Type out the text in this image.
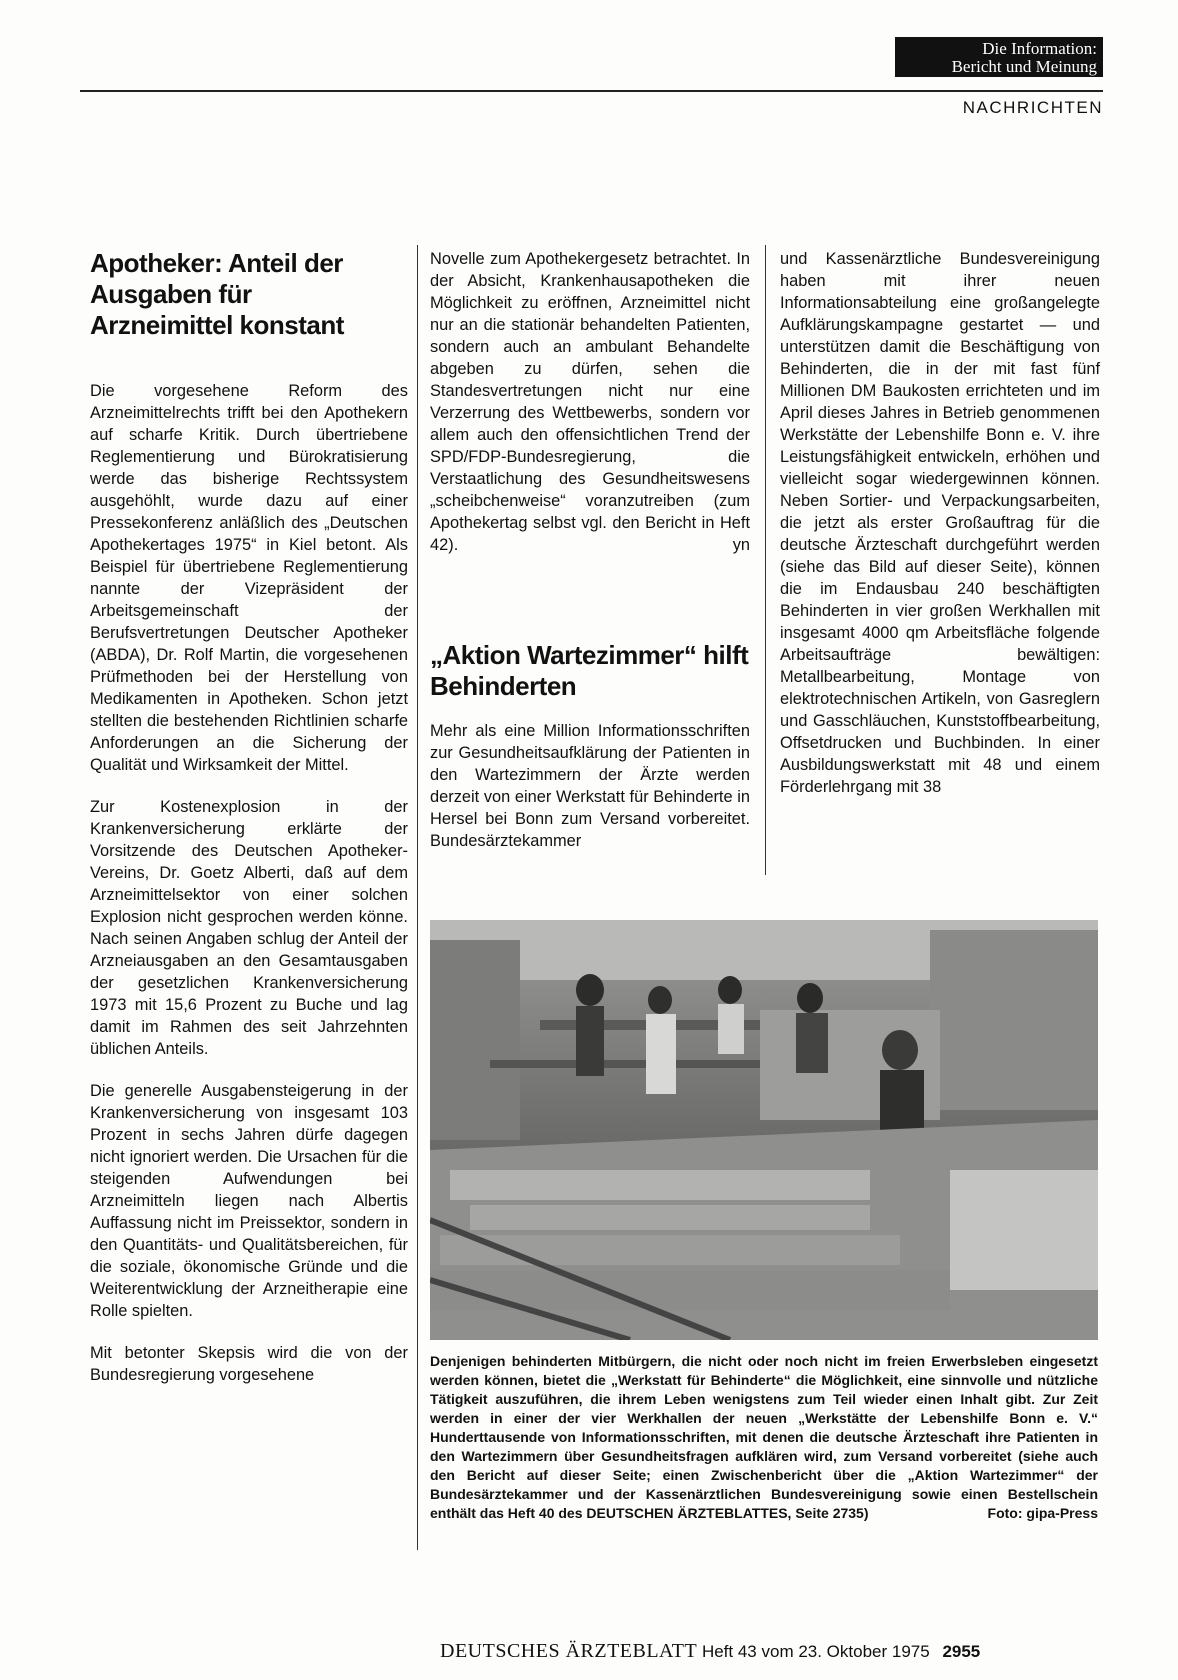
Die Information:
Bericht und Meinung
NACHRICHTEN
Apotheker: Anteil der Ausgaben für Arzneimittel konstant

Die vorgesehene Reform des Arzneimittelrechts trifft bei den Apothekern auf scharfe Kritik. Durch übertriebene Reglementierung und Bürokratisierung werde das bisherige Rechtssystem ausgehöhlt, wurde dazu auf einer Pressekonferenz anläßlich des „Deutschen Apothekertages 1975“ in Kiel betont. Als Beispiel für übertriebene Reglementierung nannte der Vizepräsident der Arbeitsgemeinschaft der Berufsvertretungen Deutscher Apotheker (ABDA), Dr. Rolf Martin, die vorgesehenen Prüfmethoden bei der Herstellung von Medikamenten in Apotheken. Schon jetzt stellten die bestehenden Richtlinien scharfe Anforderungen an die Sicherung der Qualität und Wirksamkeit der Mittel.

Zur Kostenexplosion in der Krankenversicherung erklärte der Vorsitzende des Deutschen Apotheker-Vereins, Dr. Goetz Alberti, daß auf dem Arzneimittelsektor von einer solchen Explosion nicht gesprochen werden könne. Nach seinen Angaben schlug der Anteil der Arzneiausgaben an den Gesamtausgaben der gesetzlichen Krankenversicherung 1973 mit 15,6 Prozent zu Buche und lag damit im Rahmen des seit Jahrzehnten üblichen Anteils.

Die generelle Ausgabensteigerung in der Krankenversicherung von insgesamt 103 Prozent in sechs Jahren dürfe dagegen nicht ignoriert werden. Die Ursachen für die steigenden Aufwendungen bei Arzneimitteln liegen nach Albertis Auffassung nicht im Preissektor, sondern in den Quantitäts- und Qualitätsbereichen, für die soziale, ökonomische Gründe und die Weiterentwicklung der Arzneitherapie eine Rolle spielten.

Mit betonter Skepsis wird die von der Bundesregierung vorgesehene

Novelle zum Apothekergesetz betrachtet. In der Absicht, Krankenhausapotheken die Möglichkeit zu eröffnen, Arzneimittel nicht nur an die stationär behandelten Patienten, sondern auch an ambulant Behandelte abgeben zu dürfen, sehen die Standesvertretungen nicht nur eine Verzerrung des Wettbewerbs, sondern vor allem auch den offensichtlichen Trend der SPD/FDP-Bundesregierung, die Verstaatlichung des Gesundheitswesens „scheibchenweise“ voranzutreiben (zum Apothekertag selbst vgl. den Bericht in Heft 42).	yn
„Aktion Wartezimmer“ hilft Behinderten

Mehr als eine Million Informationsschriften zur Gesundheitsaufklärung der Patienten in den Wartezimmern der Ärzte werden derzeit von einer Werkstatt für Behinderte in Hersel bei Bonn zum Versand vorbereitet. Bundesärztekammer

und Kassenärztliche Bundesvereinigung haben mit ihrer neuen Informationsabteilung eine großangelegte Aufklärungskampagne gestartet — und unterstützen damit die Beschäftigung von Behinderten, die in der mit fast fünf Millionen DM Baukosten errichteten und im April dieses Jahres in Betrieb genommenen Werkstätte der Lebenshilfe Bonn e. V. ihre Leistungsfähigkeit entwickeln, erhöhen und vielleicht sogar wiedergewinnen können. Neben Sortier- und Verpackungsarbeiten, die jetzt als erster Großauftrag für die deutsche Ärzteschaft durchgeführt werden (siehe das Bild auf dieser Seite), können die im Endausbau 240 beschäftigten Behinderten in vier großen Werkhallen mit insgesamt 4000 qm Arbeitsfläche folgende Arbeitsaufträge bewältigen: Metallbearbeitung, Montage von elektrotechnischen Artikeln, von Gasreglern und Gasschläuchen, Kunststoffbearbeitung, Offsetdrucken und Buchbinden. In einer Ausbildungswerkstatt mit 48 und einem Förderlehrgang mit 38

Denjenigen behinderten Mitbürgern, die nicht oder noch nicht im freien Erwerbsleben eingesetzt werden können, bietet die „Werkstatt für Behinderte“ die Möglichkeit, eine sinnvolle und nützliche Tätigkeit auszuführen, die ihrem Leben wenigstens zum Teil wieder einen Inhalt gibt. Zur Zeit werden in einer der vier Werkhallen der neuen „Werkstätte der Lebenshilfe Bonn e. V.“ Hunderttausende von Informationsschriften, mit denen die deutsche Ärzteschaft ihre Patienten in den Wartezimmern über Gesundheitsfragen aufklären wird, zum Versand vorbereitet (siehe auch den Bericht auf dieser Seite; einen Zwischenbericht über die „Aktion Wartezimmer“ der Bundesärztekammer und der Kassenärztlichen Bundesvereinigung sowie einen Bestellschein enthält das Heft 40 des DEUTSCHEN ÄRZTEBLATTES, Seite 2735)	Foto: gipa-Press
DEUTSCHES ÄRZTEBLATT Heft 43 vom 23. Oktober 1975 2955
